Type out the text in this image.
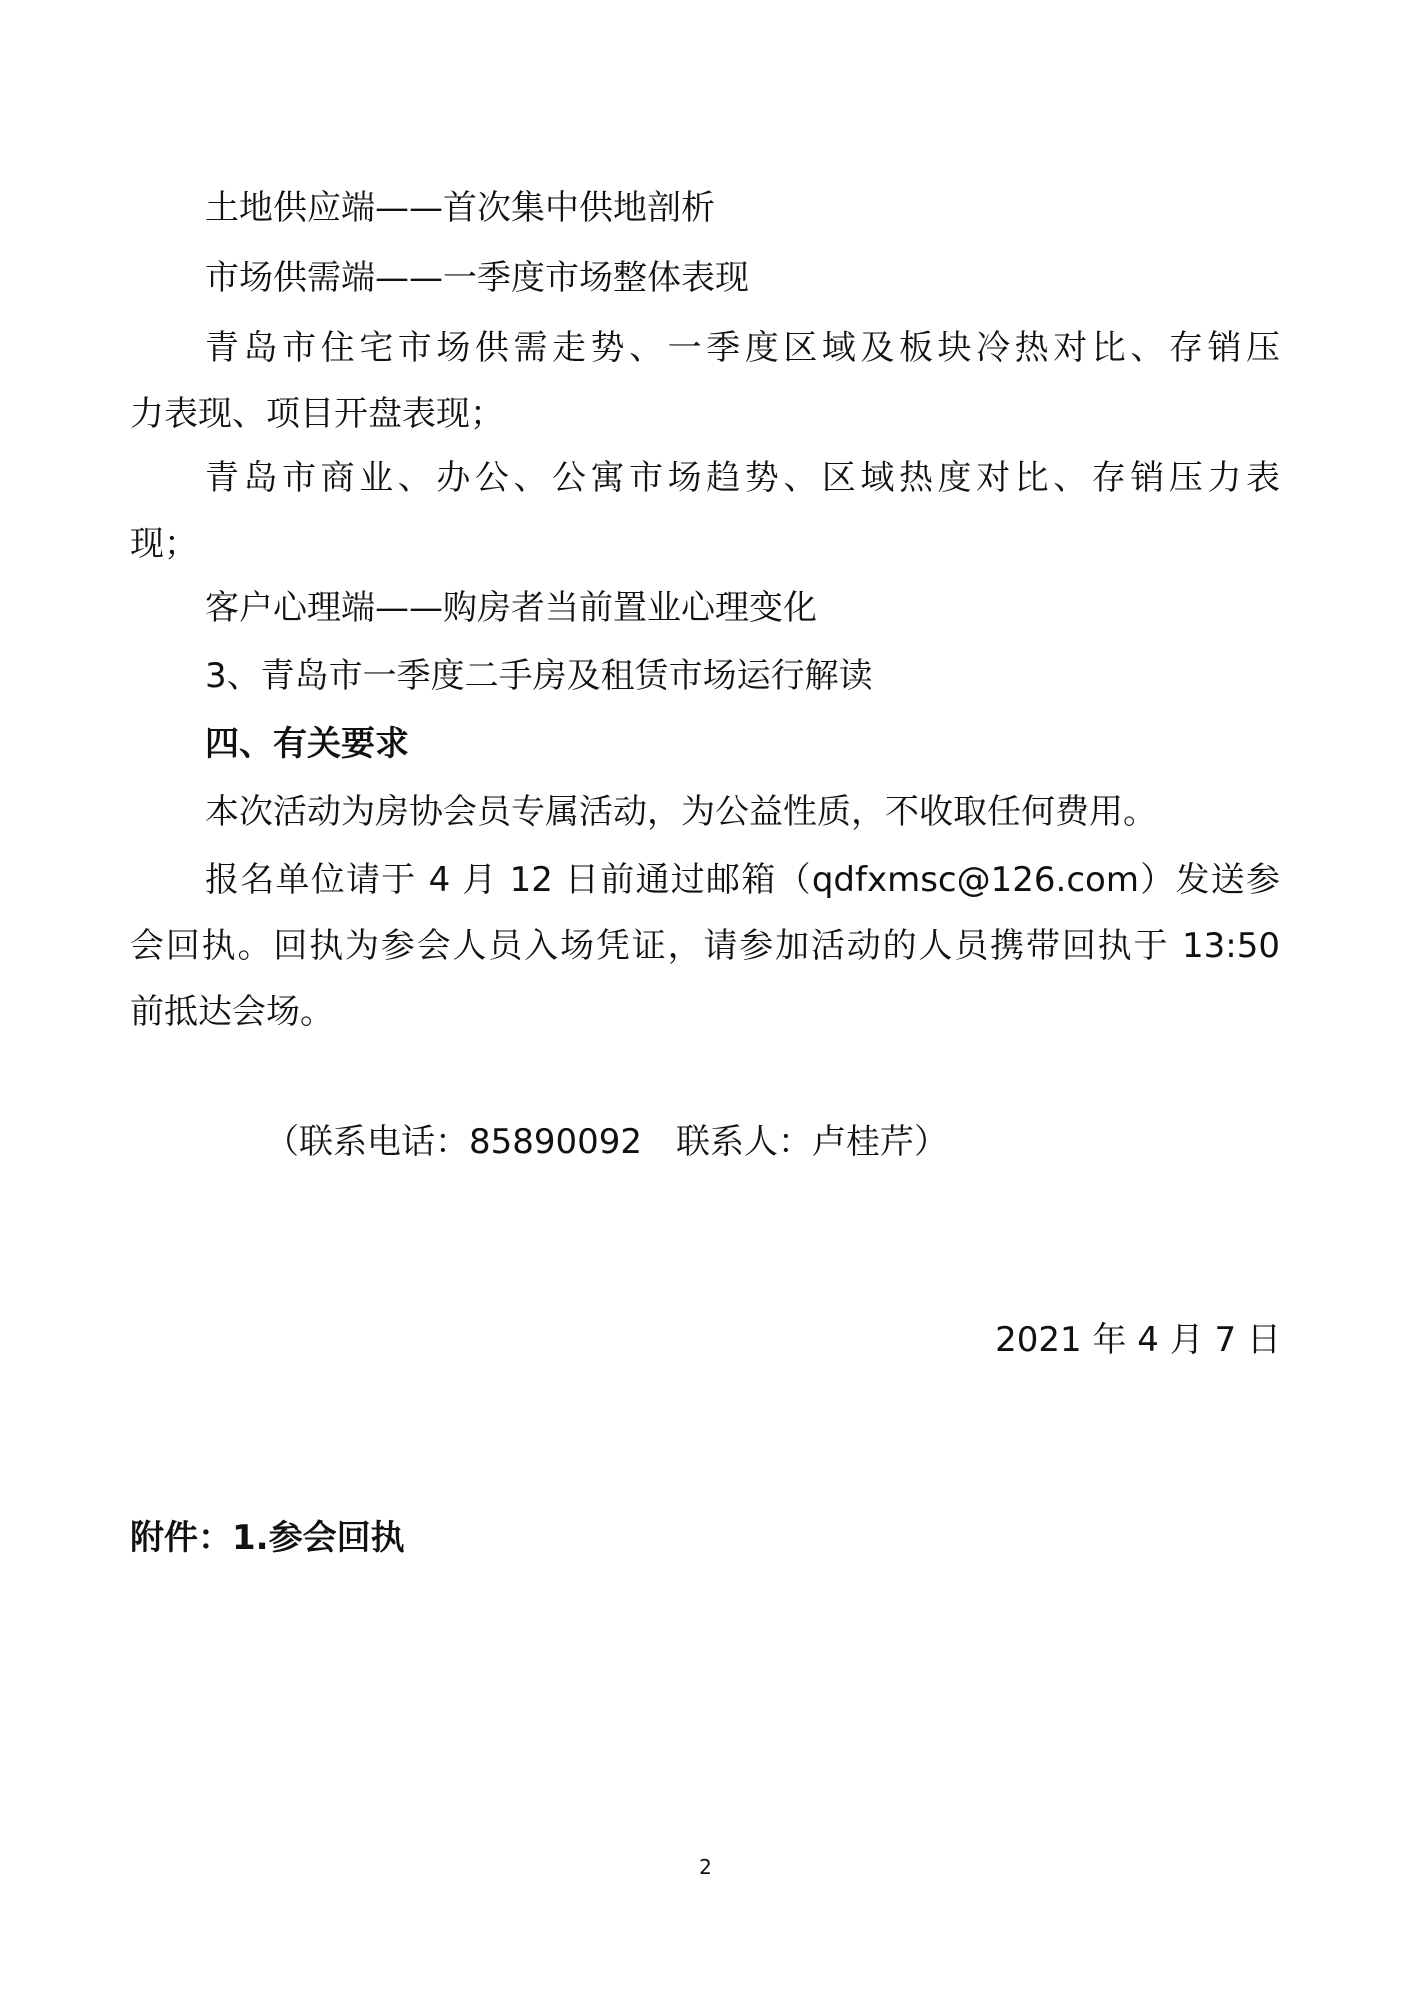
土地供应端——首次集中供地剖析
市场供需端——一季度市场整体表现
青岛市住宅市场供需走势、一季度区域及板块冷热对比、存销压
力表现、项目开盘表现；
青岛市商业、办公、公寓市场趋势、区域热度对比、存销压力表
现；
客户心理端——购房者当前置业心理变化
3、青岛市一季度二手房及租赁市场运行解读
四、有关要求
本次活动为房协会员专属活动，为公益性质，不收取任何费用。
报名单位请于 4 月 12 日前通过邮箱（qdfxmsc@126.com）发送参
会回执。回执为参会人员入场凭证，请参加活动的人员携带回执于 13:50
前抵达会场。
（联系电话：85890092　联系人：卢桂芹）
2021 年 4 月 7 日
附件：1.参会回执
2
